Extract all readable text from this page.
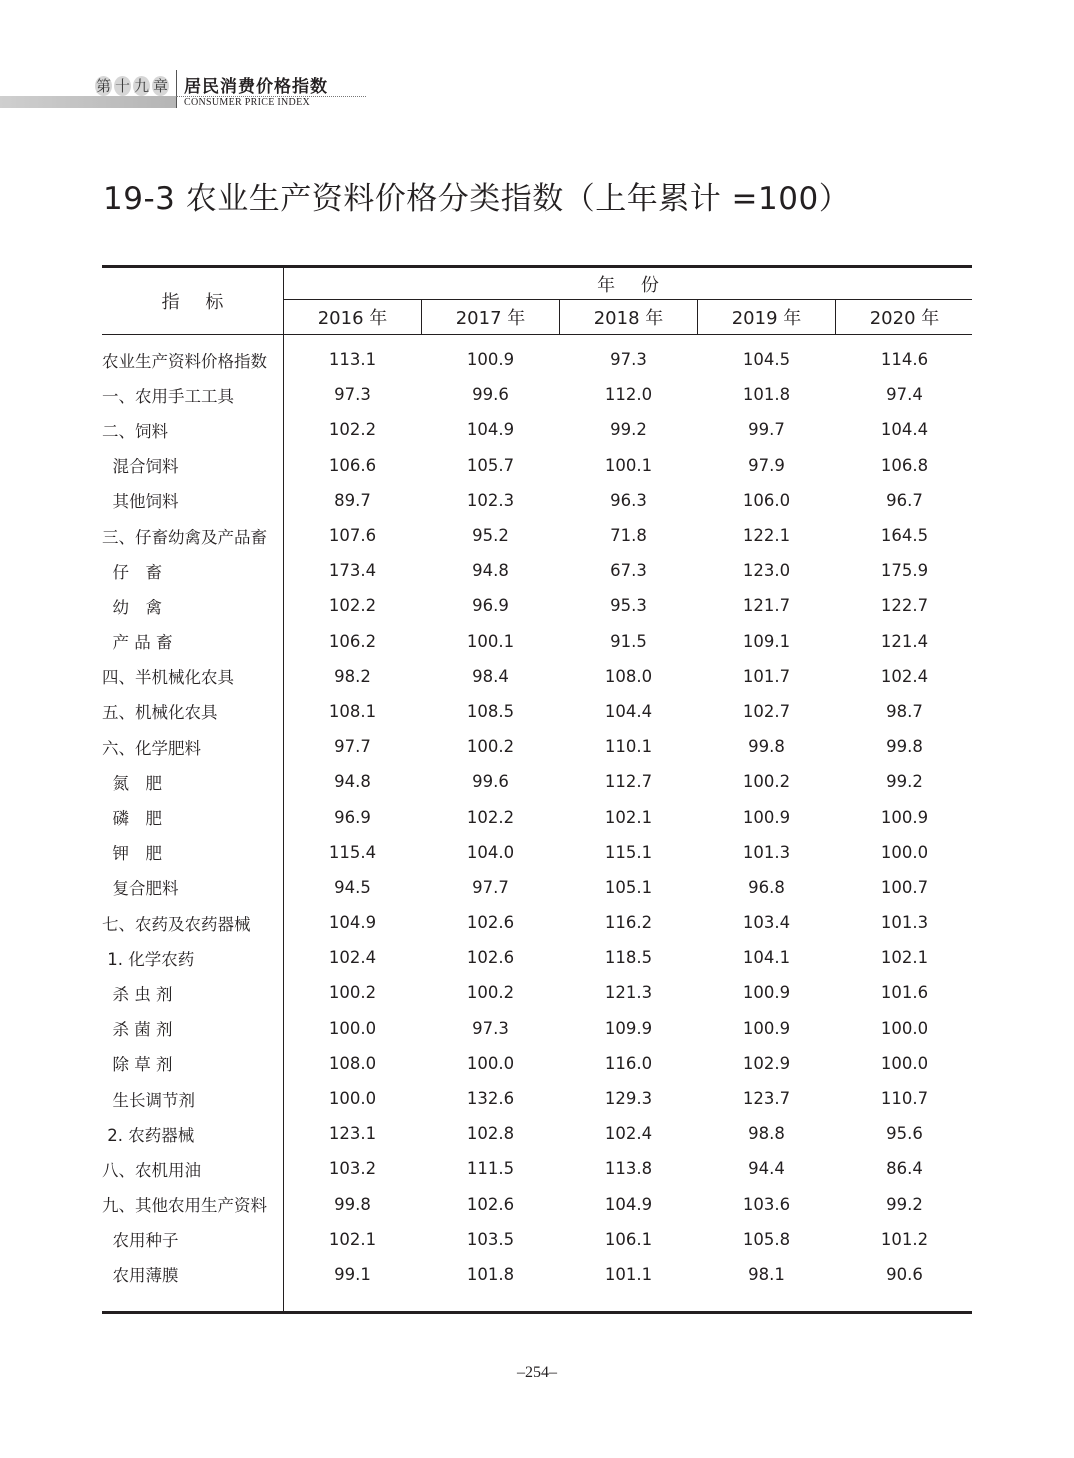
第 十 九 章 居民消费价格指数
CONSUMER PRICE INDEX
19-3 农业生产资料价格分类指数（上年累计 =100）
指 标
年 份
2016 年	2017 年	2018 年	2019 年	2020 年
农业生产资料价格指数	113.1	100.9	97.3	104.5	114.6
一、农用手工工具	97.3	99.6	112.0	101.8	97.4
二、饲料	102.2	104.9	99.2	99.7	104.4
混合饲料	106.6	105.7	100.1	97.9	106.8
其他饲料	89.7	102.3	96.3	106.0	96.7
三、仔畜幼禽及产品畜	107.6	95.2	71.8	122.1	164.5
仔　畜	173.4	94.8	67.3	123.0	175.9
幼　禽	102.2	96.9	95.3	121.7	122.7
产 品 畜	106.2	100.1	91.5	109.1	121.4
四、半机械化农具	98.2	98.4	108.0	101.7	102.4
五、机械化农具	108.1	108.5	104.4	102.7	98.7
六、化学肥料	97.7	100.2	110.1	99.8	99.8
氮　肥	94.8	99.6	112.7	100.2	99.2
磷　肥	96.9	102.2	102.1	100.9	100.9
钾　肥	115.4	104.0	115.1	101.3	100.0
复合肥料	94.5	97.7	105.1	96.8	100.7
七、农药及农药器械	104.9	102.6	116.2	103.4	101.3
1. 化学农药	102.4	102.6	118.5	104.1	102.1
杀 虫 剂	100.2	100.2	121.3	100.9	101.6
杀 菌 剂	100.0	97.3	109.9	100.9	100.0
除 草 剂	108.0	100.0	116.0	102.9	100.0
生长调节剂	100.0	132.6	129.3	123.7	110.7
2. 农药器械	123.1	102.8	102.4	98.8	95.6
八、农机用油	103.2	111.5	113.8	94.4	86.4
九、其他农用生产资料	99.8	102.6	104.9	103.6	99.2
农用种子	102.1	103.5	106.1	105.8	101.2
农用薄膜	99.1	101.8	101.1	98.1	90.6
–254–
